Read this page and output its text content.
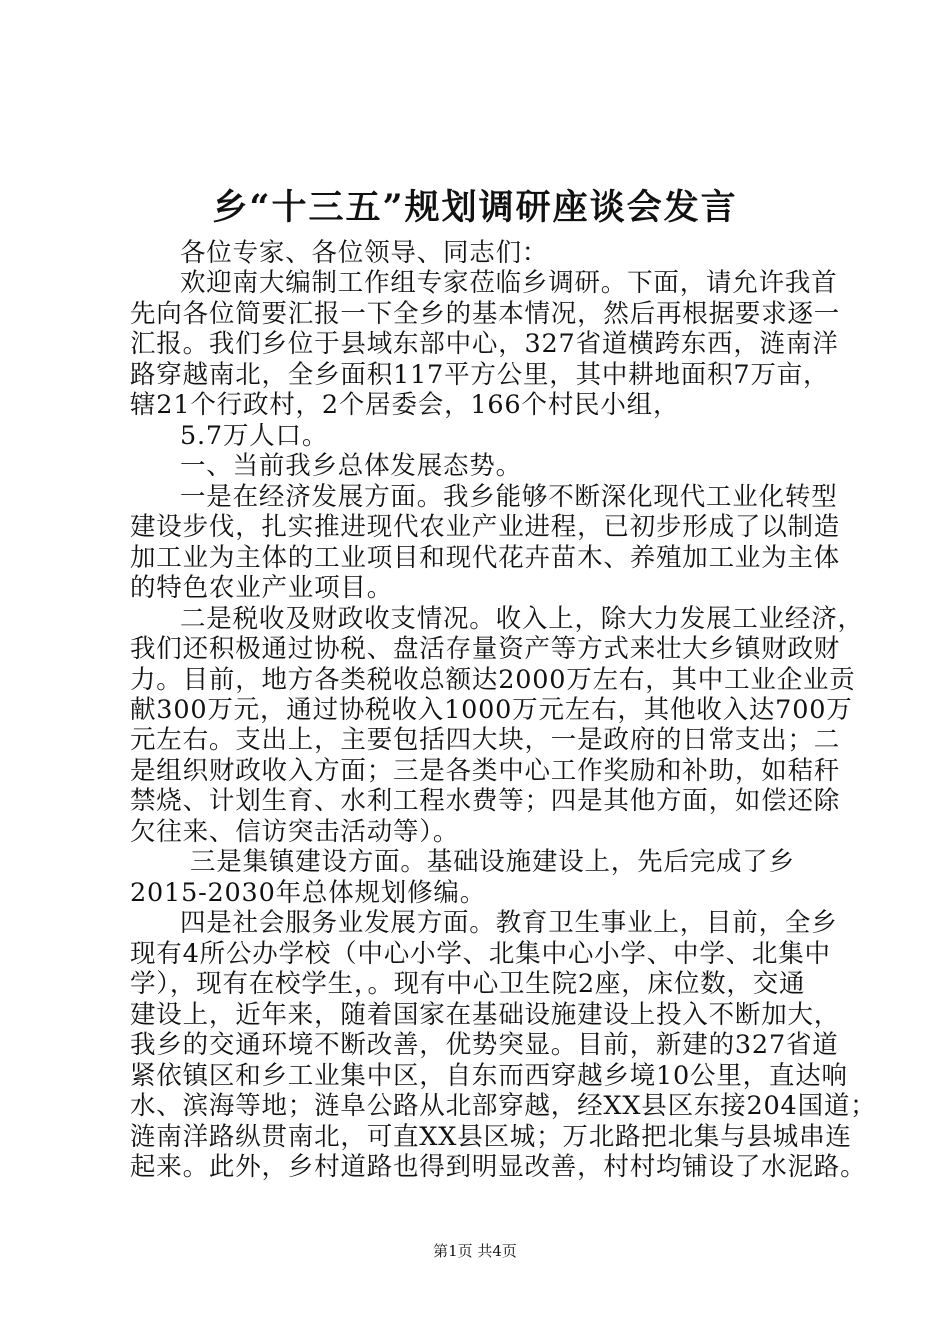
乡“十三五”规划调研座谈会发言
各位专家、各位领导、同志们：
欢迎南大编制工作组专家莅临乡调研。下面，请允许我首
先向各位简要汇报一下全乡的基本情况，然后再根据要求逐一
汇报。我们乡位于县域东部中心，327省道横跨东西，涟南洋
路穿越南北，全乡面积117平方公里，其中耕地面积7万亩，
辖21个行政村，2个居委会，166个村民小组，
5.7万人口。
一、当前我乡总体发展态势。
一是在经济发展方面。我乡能够不断深化现代工业化转型
建设步伐，扎实推进现代农业产业进程，已初步形成了以制造
加工业为主体的工业项目和现代花卉苗木、养殖加工业为主体
的特色农业产业项目。
二是税收及财政收支情况。收入上，除大力发展工业经济，
我们还积极通过协税、盘活存量资产等方式来壮大乡镇财政财
力。目前，地方各类税收总额达2000万左右，其中工业企业贡
献300万元，通过协税收入1000万元左右，其他收入达700万
元左右。支出上，主要包括四大块，一是政府的日常支出；二
是组织财政收入方面；三是各类中心工作奖励和补助，如秸秆
禁烧、计划生育、水利工程水费等；四是其他方面，如偿还除
欠往来、信访突击活动等）。
三是集镇建设方面。基础设施建设上，先后完成了乡
2015-2030年总体规划修编。
四是社会服务业发展方面。教育卫生事业上，目前，全乡
现有4所公办学校（中心小学、北集中心小学、中学、北集中
学），现有在校学生，。现有中心卫生院2座，床位数，交通
建设上，近年来，随着国家在基础设施建设上投入不断加大，
我乡的交通环境不断改善，优势突显。目前，新建的327省道
紧依镇区和乡工业集中区，自东而西穿越乡境10公里，直达响
水、滨海等地；涟阜公路从北部穿越，经XX县区东接204国道；
涟南洋路纵贯南北，可直XX县区城；万北路把北集与县城串连
起来。此外，乡村道路也得到明显改善，村村均铺设了水泥路。
第1页 共4页
